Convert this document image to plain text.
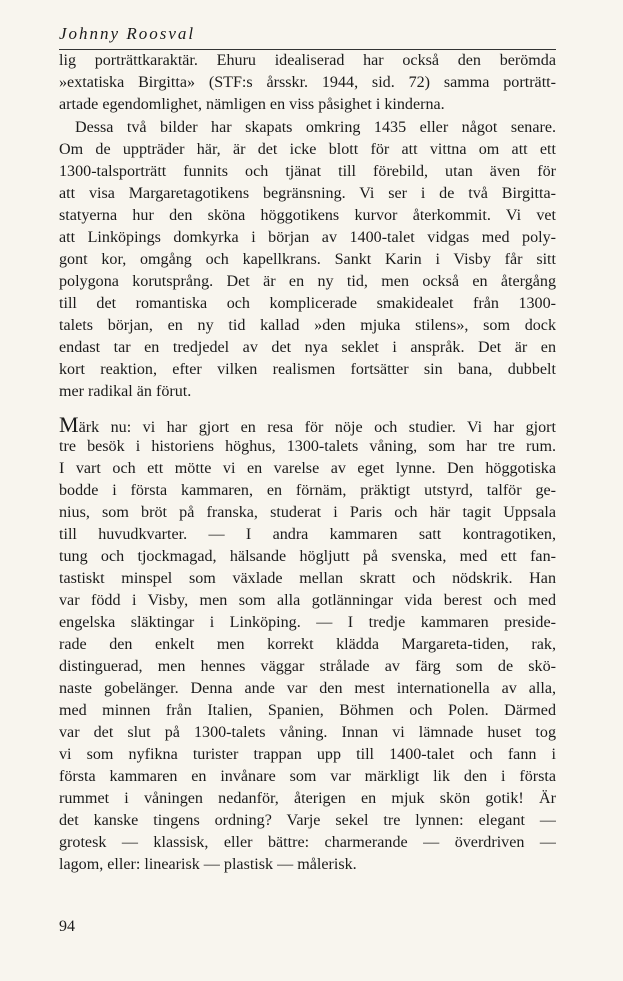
Johnny Roosval
lig porträttkaraktär. Ehuru idealiserad har också den berömda
»extatiska Birgitta» (STF:s årsskr. 1944, sid. 72) samma porträtt-
artade egendomlighet, nämligen en viss påsighet i kinderna.
Dessa två bilder har skapats omkring 1435 eller något senare.
Om de uppträder här, är det icke blott för att vittna om att ett
1300-talsporträtt funnits och tjänat till förebild, utan även för
att visa Margaretagotikens begränsning. Vi ser i de två Birgitta-
statyerna hur den sköna höggotikens kurvor återkommit. Vi vet
att Linköpings domkyrka i början av 1400-talet vidgas med poly-
gont kor, omgång och kapellkrans. Sankt Karin i Visby får sitt
polygona korutsprång. Det är en ny tid, men också en återgång
till det romantiska och komplicerade smakidealet från 1300-
talets början, en ny tid kallad »den mjuka stilens», som dock
endast tar en tredjedel av det nya seklet i anspråk. Det är en
kort reaktion, efter vilken realismen fortsätter sin bana, dubbelt
mer radikal än förut.
Märk nu: vi har gjort en resa för nöje och studier. Vi har gjort
tre besök i historiens höghus, 1300-talets våning, som har tre rum.
I vart och ett mötte vi en varelse av eget lynne. Den höggotiska
bodde i första kammaren, en förnäm, präktigt utstyrd, talför ge-
nius, som bröt på franska, studerat i Paris och här tagit Uppsala
till huvudkvarter. — I andra kammaren satt kontragotiken,
tung och tjockmagad, hälsande högljutt på svenska, med ett fan-
tastiskt minspel som växlade mellan skratt och nödskrik. Han
var född i Visby, men som alla gotlänningar vida berest och med
engelska släktingar i Linköping. — I tredje kammaren preside-
rade den enkelt men korrekt klädda Margareta-tiden, rak,
distinguerad, men hennes väggar strålade av färg som de skö-
naste gobelänger. Denna ande var den mest internationella av alla,
med minnen från Italien, Spanien, Böhmen och Polen. Därmed
var det slut på 1300-talets våning. Innan vi lämnade huset tog
vi som nyfikna turister trappan upp till 1400-talet och fann i
första kammaren en invånare som var märkligt lik den i första
rummet i våningen nedanför, återigen en mjuk skön gotik! Är
det kanske tingens ordning? Varje sekel tre lynnen: elegant —
grotesk — klassisk, eller bättre: charmerande — överdriven —
lagom, eller: linearisk — plastisk — målerisk.
94
